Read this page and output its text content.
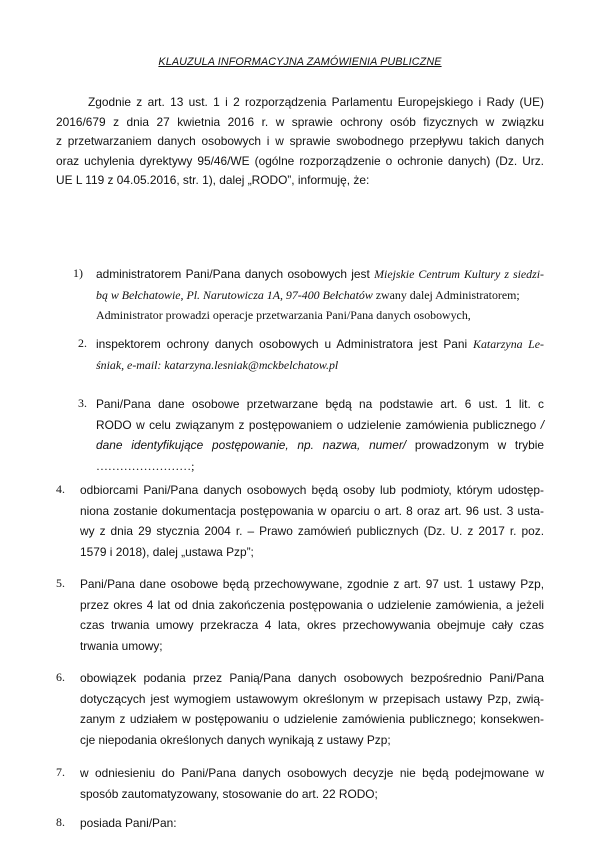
KLAUZULA INFORMACYJNA ZAMÓWIENIA PUBLICZNE
Zgodnie z art. 13 ust. 1 i 2 rozporządzenia Parlamentu Europejskiego i Rady (UE)
2016/679 z dnia 27 kwietnia 2016 r. w sprawie ochrony osób fizycznych w związku
z przetwarzaniem danych osobowych i w sprawie swobodnego przepływu takich danych
oraz uchylenia dyrektywy 95/46/WE (ogólne rozporządzenie o ochronie danych) (Dz. Urz.
UE L 119 z 04.05.2016, str. 1), dalej „RODO”, informuję, że:
1) administratorem Pani/Pana danych osobowych jest Miejskie Centrum Kultury z siedzi-
bą w Bełchatowie, Pl. Narutowicza 1A, 97-400 Bełchatów zwany dalej Administratorem;
Administrator prowadzi operacje przetwarzania Pani/Pana danych osobowych,
2. inspektorem ochrony danych osobowych u Administratora jest Pani Katarzyna Le-
śniak, e-mail: katarzyna.lesniak@mckbelchatow.pl
3. Pani/Pana dane osobowe przetwarzane będą na podstawie art. 6 ust. 1 lit. c
RODO w celu związanym z postępowaniem o udzielenie zamówienia publicznego /
dane identyfikujące postępowanie, np. nazwa, numer/ prowadzonym w trybie
……………………;
4. odbiorcami Pani/Pana danych osobowych będą osoby lub podmioty, którym udostęp-
niona zostanie dokumentacja postępowania w oparciu o art. 8 oraz art. 96 ust. 3 usta-
wy z dnia 29 stycznia 2004 r. – Prawo zamówień publicznych (Dz. U. z 2017 r. poz.
1579 i 2018), dalej „ustawa Pzp”;
5. Pani/Pana dane osobowe będą przechowywane, zgodnie z art. 97 ust. 1 ustawy Pzp,
przez okres 4 lat od dnia zakończenia postępowania o udzielenie zamówienia, a jeżeli
czas trwania umowy przekracza 4 lata, okres przechowywania obejmuje cały czas
trwania umowy;
6. obowiązek podania przez Panią/Pana danych osobowych bezpośrednio Pani/Pana
dotyczących jest wymogiem ustawowym określonym w przepisach ustawy Pzp, zwią-
zanym z udziałem w postępowaniu o udzielenie zamówienia publicznego; konsekwen-
cje niepodania określonych danych wynikają z ustawy Pzp;
7. w odniesieniu do Pani/Pana danych osobowych decyzje nie będą podejmowane w
sposób zautomatyzowany, stosowanie do art. 22 RODO;
8. posiada Pani/Pan:
